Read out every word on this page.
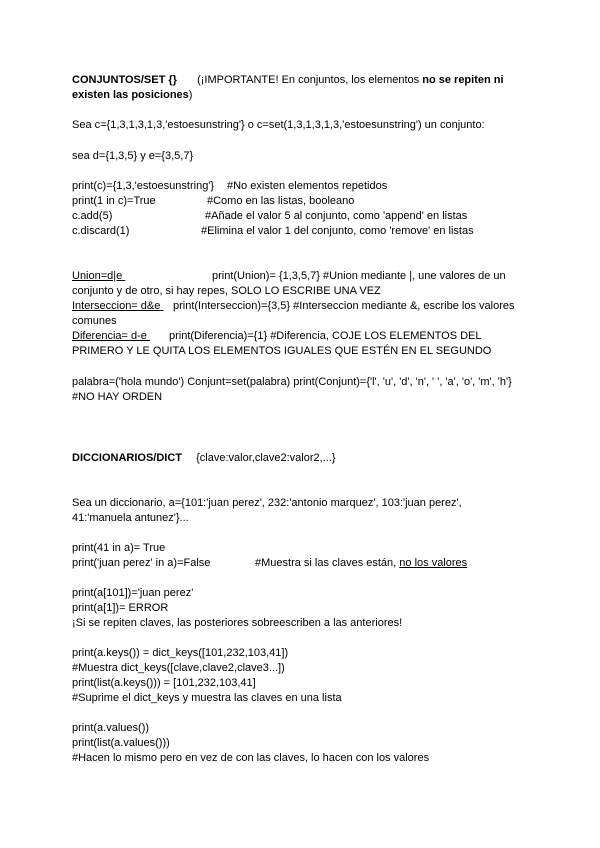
CONJUNTOS/SET {} (¡IMPORTANTE! En conjuntos, los elementos no se repiten ni

existen las posiciones)

Sea c={1,3,1,3,1,3,'estoesunstring'} o c=set(1,3,1,3,1,3,'estoesunstring') un conjunto:

sea d={1,3,5} y e={3,5,7}

print(c)={1,3,'estoesunstring'} #No existen elementos repetidos

print(1 in c)=True	#Como en las listas, booleano

c.add(5)	#Añade el valor 5 al conjunto, como 'append' en listas

c.discard(1)	#Elimina el valor 1 del conjunto, como 'remove' en listas

Union=d|e	print(Union)= {1,3,5,7} #Union mediante |, une valores de un conjunto y de otro, si hay repes, SOLO LO ESCRIBE UNA VEZ

Interseccion= d&e	print(Interseccion)={3,5} #Interseccion mediante &, escribe los valores comunes

Diferencia= d-e	print(Diferencia)={1} #Diferencia, COJE LOS ELEMENTOS DEL PRIMERO Y LE QUITA LOS ELEMENTOS IGUALES QUE ESTÉN EN EL SEGUNDO

palabra=('hola mundo') Conjunt=set(palabra) print(Conjunt)={'l', 'u', 'd', 'n', ' ', 'a', 'o', 'm', 'h'}

#NO HAY ORDEN

DICCIONARIOS/DICT {clave:valor,clave2:valor2,...}

Sea un diccionario, a={101:'juan perez', 232:'antonio marquez', 103:'juan perez',

41:'manuela antunez'}...

print(41 in a)= True

print('juan perez' in a)=False	#Muestra si las claves están, no los valores

print(a[101])='juan perez'

print(a[1])= ERROR

¡Si se repiten claves, las posteriores sobreescriben a las anteriores!

print(a.keys()) = dict_keys([101,232,103,41])

#Muestra dict_keys([clave,clave2,clave3...])

print(list(a.keys())) = [101,232,103,41]

#Suprime el dict_keys y muestra las claves en una lista

print(a.values())

print(list(a.values()))

#Hacen lo mismo pero en vez de con las claves, lo hacen con los valores
